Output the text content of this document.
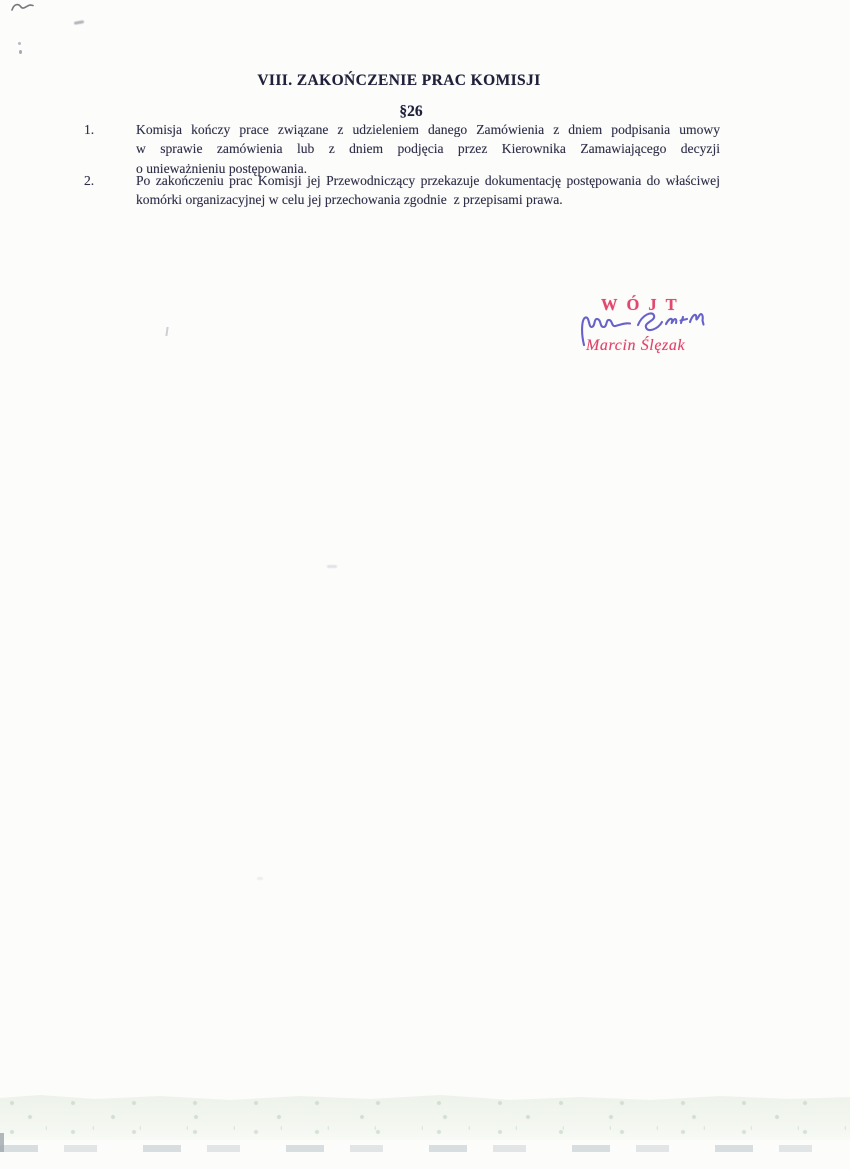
VIII. ZAKOŃCZENIE PRAC KOMISJI
§26
1.	Komisja kończy prace związane z udzieleniem danego Zamówienia z dniem podpisania umowy
w sprawie zamówienia lub z dniem podjęcia przez Kierownika Zamawiającego decyzji
o unieważnieniu postępowania.
2.	Po zakończeniu prac Komisji jej Przewodniczący przekazuje dokumentację postępowania do właściwej
komórki organizacyjnej w celu jej przechowania zgodnie  z przepisami prawa.
WÓJT
Marcin Ślęzak
